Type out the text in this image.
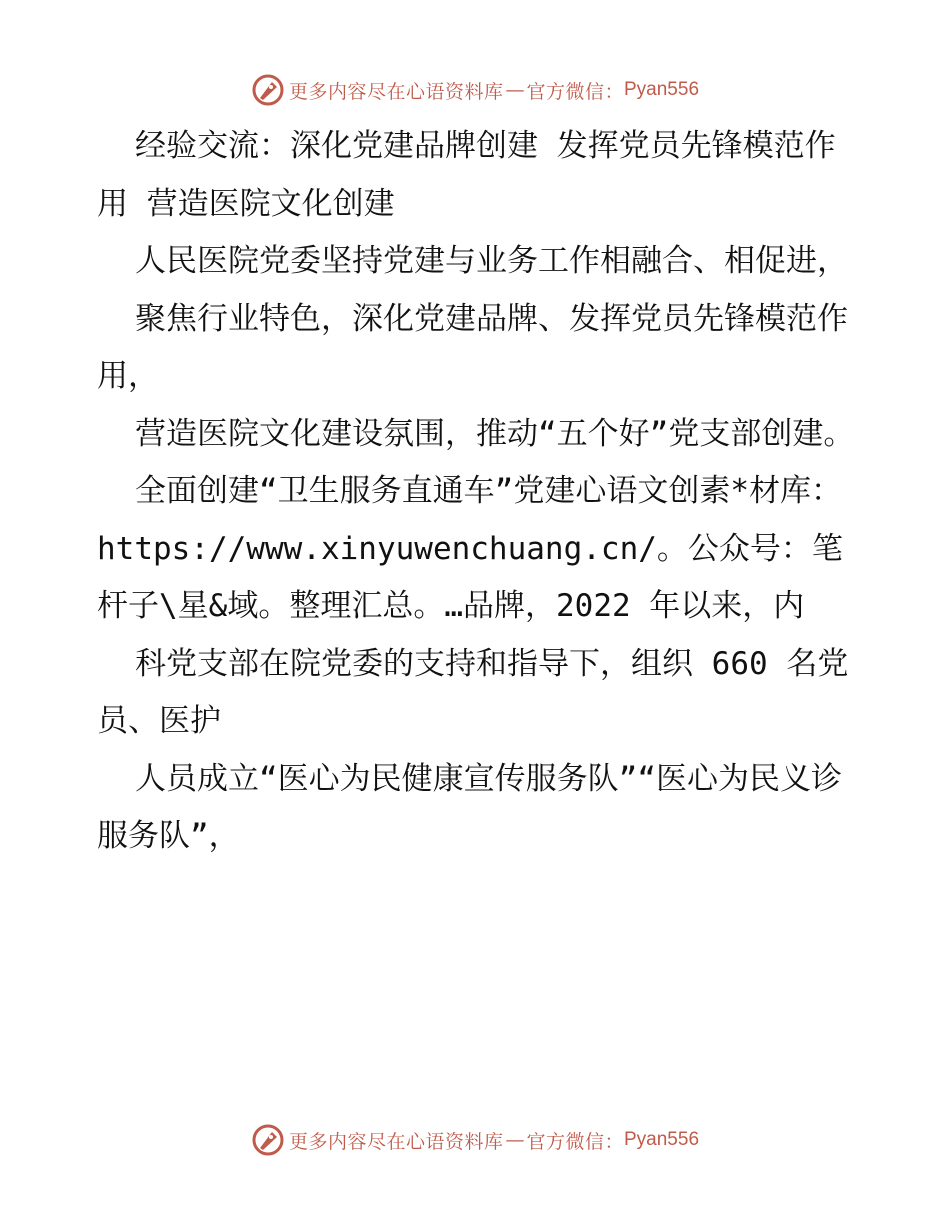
更多内容尽在心语资料库 — 官方微信： Pyan556

经验交流：深化党建品牌创建 发挥党员先锋模范作用 营造医院文化创建

人民医院党委坚持党建与业务工作相融合、相促进，

聚焦行业特色，深化党建品牌、发挥党员先锋模范作用，

营造医院文化建设氛围，推动“五个好”党支部创建。

全面创建“卫生服务直通车”党建心语文创素*材库：https://www.xinyuwenchuang.cn/。公众号：笔杆子\星&域。整理汇总。…品牌，2022 年以来，内

科党支部在院党委的支持和指导下，组织 660 名党员、医护

人员成立“医心为民健康宣传服务队”“医心为民义诊服务队”，

更多内容尽在心语资料库 — 官方微信： Pyan556
